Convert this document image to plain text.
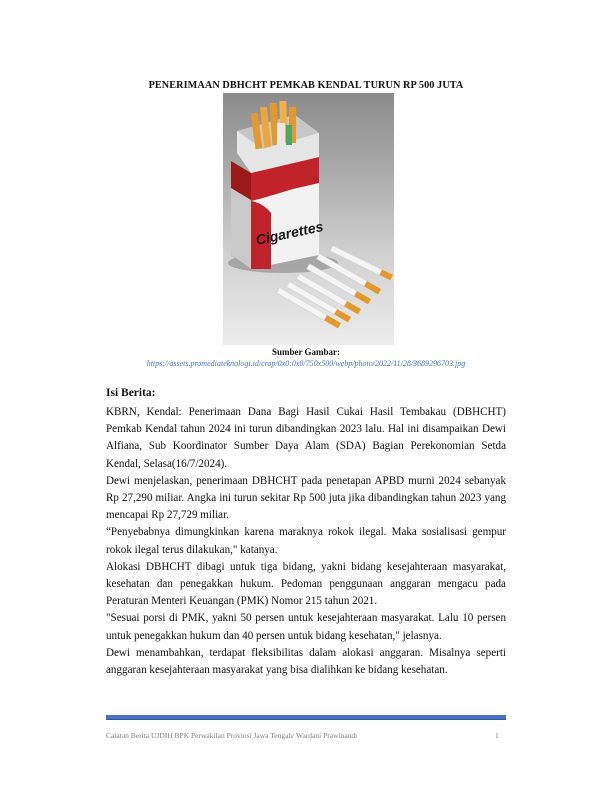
PENERIMAAN DBHCHT PEMKAB KENDAL TURUN RP 500 JUTA
Cigarettes
Sumber Gambar:
https://assets.promediateknologi.id/crop/0x0:0x0/750x500/webp/photo/2022/11/28/3689296703.jpg
Isi Berita:

KBRN, Kendal: Penerimaan Dana Bagi Hasil Cukai Hasil Tembakau (DBHCHT) Pemkab Kendal tahun 2024 ini turun dibandingkan 2023 lalu. Hal ini disampaikan Dewi Alfiana, Sub Koordinator Sumber Daya Alam (SDA) Bagian Perekonomian Setda Kendal, Selasa(16/7/2024).

Dewi menjelaskan, penerimaan DBHCHT pada penetapan APBD murni 2024 sebanyak Rp 27,290 miliar. Angka ini turun sekitar Rp 500 juta jika dibandingkan tahun 2023 yang mencapai Rp 27,729 miliar.

“Penyebabnya dimungkinkan karena maraknya rokok ilegal. Maka sosialisasi gempur rokok ilegal terus dilakukan," katanya.

Alokasi DBHCHT dibagi untuk tiga bidang, yakni bidang kesejahteraan masyarakat, kesehatan dan penegakkan hukum. Pedoman penggunaan anggaran mengacu pada Peraturan Menteri Keuangan (PMK) Nomor 215 tahun 2021.

"Sesuai porsi di PMK, yakni 50 persen untuk kesejahteraan masyarakat. Lalu 10 persen untuk penegakkan hukum dan 40 persen untuk bidang kesehatan," jelasnya.

Dewi menambahkan, terdapat fleksibilitas dalam alokasi anggaran. Misalnya seperti anggaran kesejahteraan masyarakat yang bisa dialihkan ke bidang kesehatan.

Catatan Berita UJDIH BPK Perwakilan Provinsi Jawa Tengah/ Wardani Prawinandi	1
